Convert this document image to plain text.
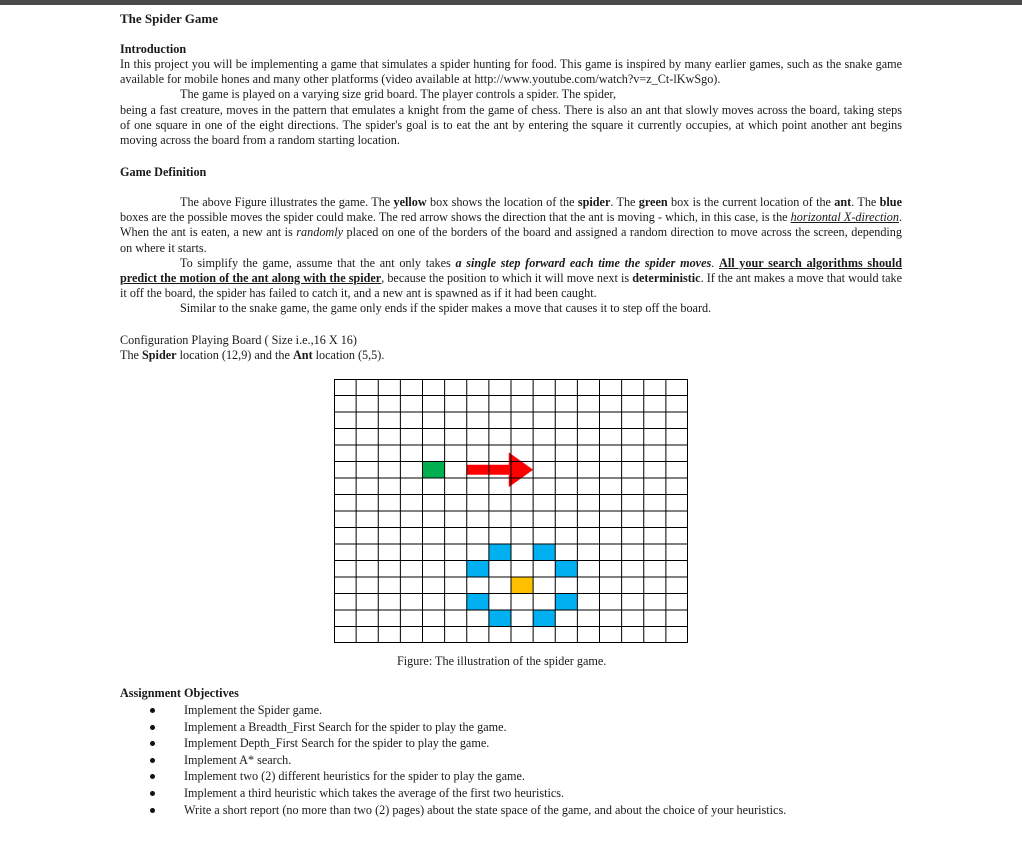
The Spider Game
Introduction

In this project you will be implementing a game that simulates a spider hunting for food. This game is inspired by many earlier games, such as the snake game available for mobile hones and many other platforms (video available at http://www.youtube.com/watch?v=z_Ct-lKwSgo).

The game is played on a varying size grid board. The player controls a spider. The spider,

being a fast creature, moves in the pattern that emulates a knight from the game of chess. There is also an ant that slowly moves across the board, taking steps of one square in one of the eight directions. The spider's goal is to eat the ant by entering the square it currently occupies, at which point another ant begins moving across the board from a random starting location.

Game Definition

The above Figure illustrates the game. The yellow box shows the location of the spider. The green box is the current location of the ant. The blue boxes are the possible moves the spider could make. The red arrow shows the direction that the ant is moving - which, in this case, is the horizontal X-direction. When the ant is eaten, a new ant is randomly placed on one of the borders of the board and assigned a random direction to move across the screen, depending on where it starts.

To simplify the game, assume that the ant only takes a single step forward each time the spider moves. All your search algorithms should predict the motion of the ant along with the spider, because the position to which it will move next is deterministic. If the ant makes a move that would take it off the board, the spider has failed to catch it, and a new ant is spawned as if it had been caught.

Similar to the snake game, the game only ends if the spider makes a move that causes it to step off the board.

Configuration Playing Board ( Size i.e.,16 X 16)

The Spider location (12,9) and the Ant location (5,5).

Figure: The illustration of the spider game.
Assignment Objectives
Implement the Spider game.
Implement a Breadth_First Search for the spider to play the game.
Implement Depth_First Search for the spider to play the game.
Implement A* search.
Implement two (2) different heuristics for the spider to play the game.
Implement a third heuristic which takes the average of the first two heuristics.
Write a short report (no more than two (2) pages) about the state space of the game, and about the choice of your heuristics.
